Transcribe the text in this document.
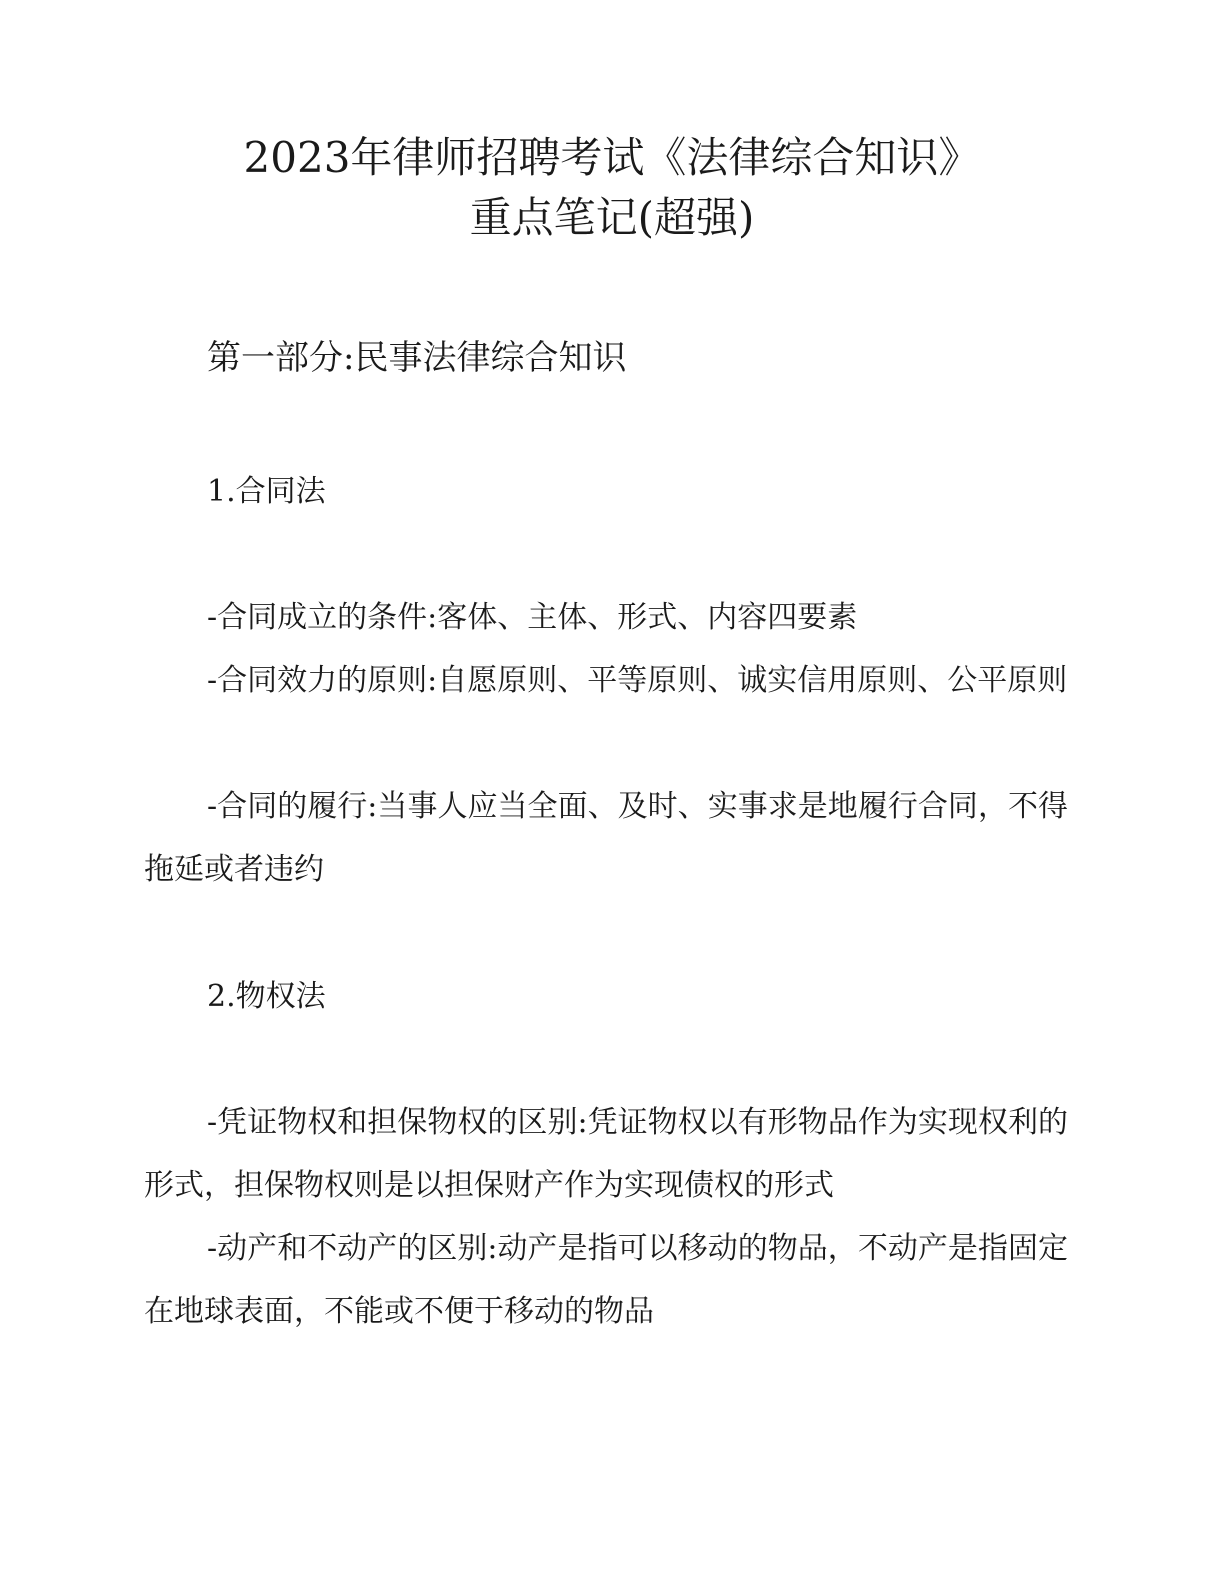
2023年律师招聘考试《法律综合知识》
重点笔记(超强)
第一部分:民事法律综合知识
1.合同法
-合同成立的条件:客体、主体、形式、内容四要素
-合同效力的原则:自愿原则、平等原则、诚实信用原则、公平原则
-合同的履行:当事人应当全面、及时、实事求是地履行合同，不得拖延或者违约
2.物权法
-凭证物权和担保物权的区别:凭证物权以有形物品作为实现权利的形式，担保物权则是以担保财产作为实现债权的形式
-动产和不动产的区别:动产是指可以移动的物品，不动产是指固定在地球表面，不能或不便于移动的物品
